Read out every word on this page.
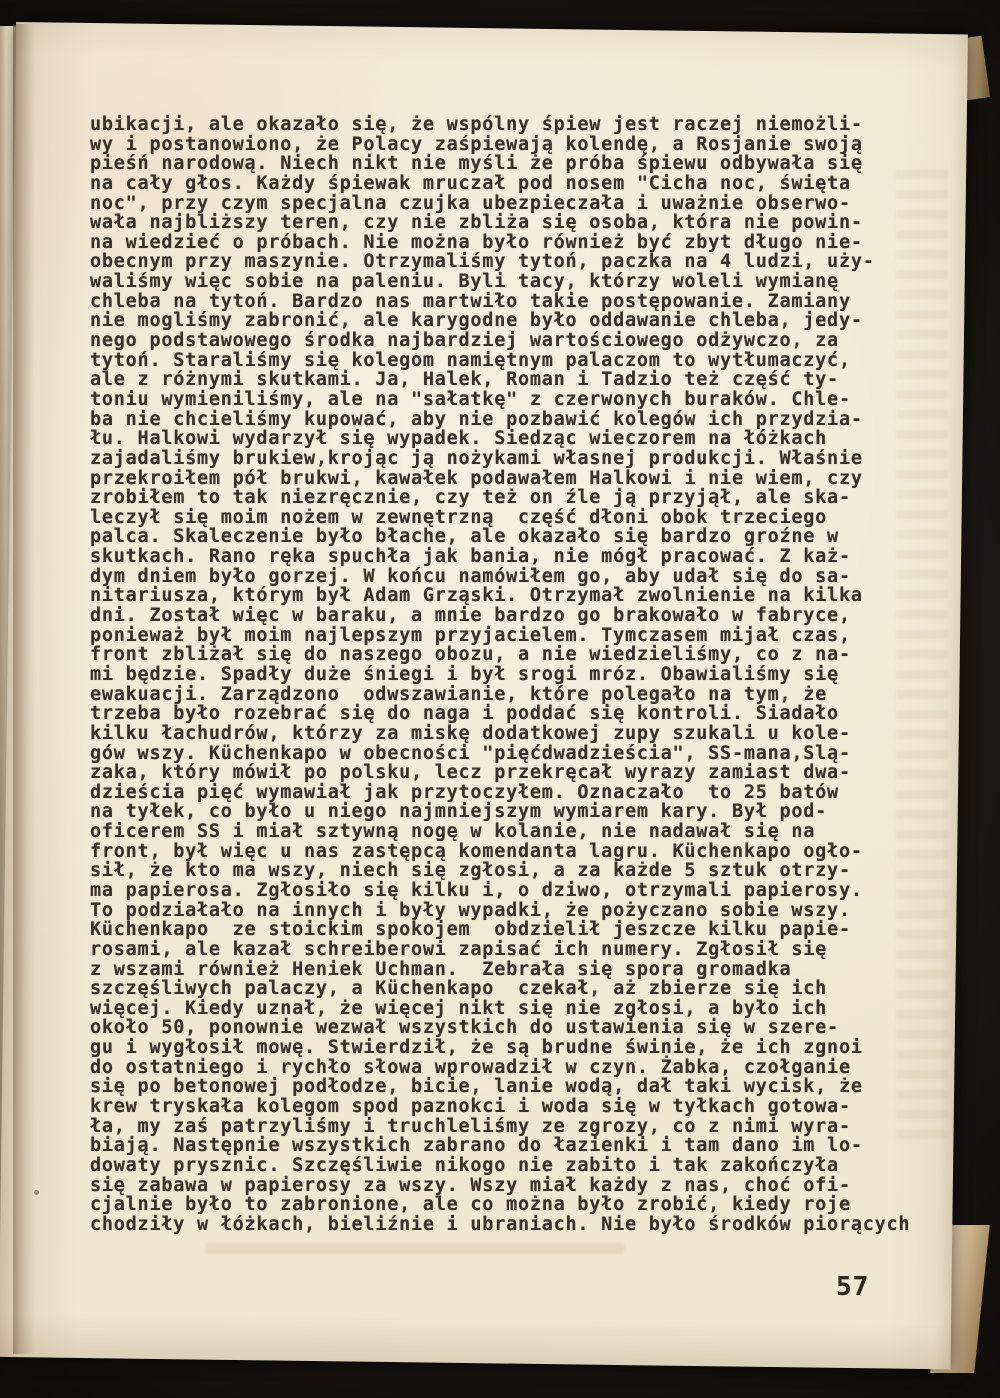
ubikacji, ale okazało się, że wspólny śpiew jest raczej niemożli-
wy i postanowiono, że Polacy zaśpiewają kolendę, a Rosjanie swoją
pieśń narodową. Niech nikt nie myśli że próba śpiewu odbywała się
na cały głos. Każdy śpiewak mruczał pod nosem "Cicha noc, święta
noc", przy czym specjalna czujka ubezpieczała i uważnie obserwo-
wała najbliższy teren, czy nie zbliża się osoba, która nie powin-
na wiedzieć o próbach. Nie można było również być zbyt długo nie-
obecnym przy maszynie. Otrzymaliśmy tytoń, paczka na 4 ludzi, uży-
waliśmy więc sobie na paleniu. Byli tacy, którzy woleli wymianę
chleba na tytoń. Bardzo nas martwiło takie postępowanie. Zamiany
nie mogliśmy zabronić, ale karygodne było oddawanie chleba, jedy-
nego podstawowego środka najbardziej wartościowego odżywczo, za
tytoń. Staraliśmy się kolegom namiętnym palaczom to wytłumaczyć,
ale z różnymi skutkami. Ja, Halek, Roman i Tadzio też część ty-
toniu wymieniliśmy, ale na "sałatkę" z czerwonych buraków. Chle-
ba nie chcieliśmy kupować, aby nie pozbawić kolegów ich przydzia-
łu. Halkowi wydarzył się wypadek. Siedząc wieczorem na łóżkach
zajadaliśmy brukiew,krojąc ją nożykami własnej produkcji. Właśnie
przekroiłem pół brukwi, kawałek podawałem Halkowi i nie wiem, czy
zrobiłem to tak niezręcznie, czy też on źle ją przyjął, ale ska-
leczył się moim nożem w zewnętrzną  część dłoni obok trzeciego
palca. Skaleczenie było błache, ale okazało się bardzo groźne w
skutkach. Rano ręka spuchła jak bania, nie mógł pracować. Z każ-
dym dniem było gorzej. W końcu namówiłem go, aby udał się do sa-
nitariusza, którym był Adam Grząski. Otrzymał zwolnienie na kilka
dni. Został więc w baraku, a mnie bardzo go brakowało w fabryce,
ponieważ był moim najlepszym przyjacielem. Tymczasem mijał czas,
front zbliżał się do naszego obozu, a nie wiedzieliśmy, co z na-
mi będzie. Spadły duże śniegi i był srogi mróz. Obawialiśmy się
ewakuacji. Zarządzono  odwszawianie, które polegało na tym, że
trzeba było rozebrać się do naga i poddać się kontroli. Siadało
kilku łachudrów, którzy za miskę dodatkowej zupy szukali u kole-
gów wszy. Küchenkapo w obecności "pięćdwadzieścia", SS-mana,Slą-
zaka, który mówił po polsku, lecz przekręcał wyrazy zamiast dwa-
dzieścia pięć wymawiał jak przytoczyłem. Oznaczało  to 25 batów
na tyłek, co było u niego najmniejszym wymiarem kary. Był pod-
oficerem SS i miał sztywną nogę w kolanie, nie nadawał się na
front, był więc u nas zastępcą komendanta lagru. Küchenkapo ogło-
sił, że kto ma wszy, niech się zgłosi, a za każde 5 sztuk otrzy-
ma papierosa. Zgłosiło się kilku i, o dziwo, otrzymali papierosy.
To podziałało na innych i były wypadki, że pożyczano sobie wszy.
Küchenkapo  ze stoickim spokojem  obdzielił jeszcze kilku papie-
rosami, ale kazał schreiberowi zapisać ich numery. Zgłosił się
z wszami również Heniek Uchman.  Zebrała się spora gromadka
szczęśliwych palaczy, a Küchenkapo  czekał, aż zbierze się ich
więcej. Kiedy uznał, że więcej nikt się nie zgłosi, a było ich
około 50, ponownie wezwał wszystkich do ustawienia się w szere-
gu i wygłosił mowę. Stwierdził, że są brudne świnie, że ich zgnoi
do ostatniego i rychło słowa wprowadził w czyn. Żabka, czołganie
się po betonowej podłodze, bicie, lanie wodą, dał taki wycisk, że
krew tryskała kolegom spod paznokci i woda się w tyłkach gotowa-
ła, my zaś patrzyliśmy i truchleliśmy ze zgrozy, co z nimi wyra-
biają. Następnie wszystkich zabrano do łazienki i tam dano im lo-
dowaty prysznic. Szczęśliwie nikogo nie zabito i tak zakończyła
się zabawa w papierosy za wszy. Wszy miał każdy z nas, choć ofi-
cjalnie było to zabronione, ale co można było zrobić, kiedy roje
chodziły w łóżkach, bieliźnie i ubraniach. Nie było środków piorących
57
